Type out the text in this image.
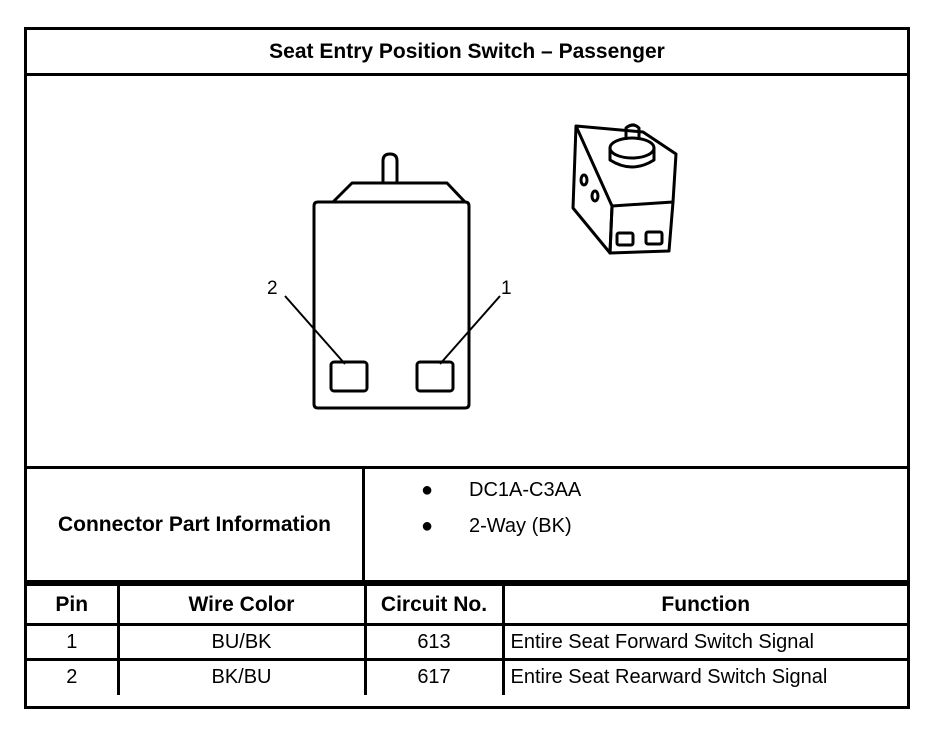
Seat Entry Position Switch – Passenger
2	1
Connector Part Information
● DC1A-C3AA
● 2-Way (BK)
Pin	Wire Color	Circuit No.	Function
1	BU/BK	613	Entire Seat Forward Switch Signal
2	BK/BU	617	Entire Seat Rearward Switch Signal
